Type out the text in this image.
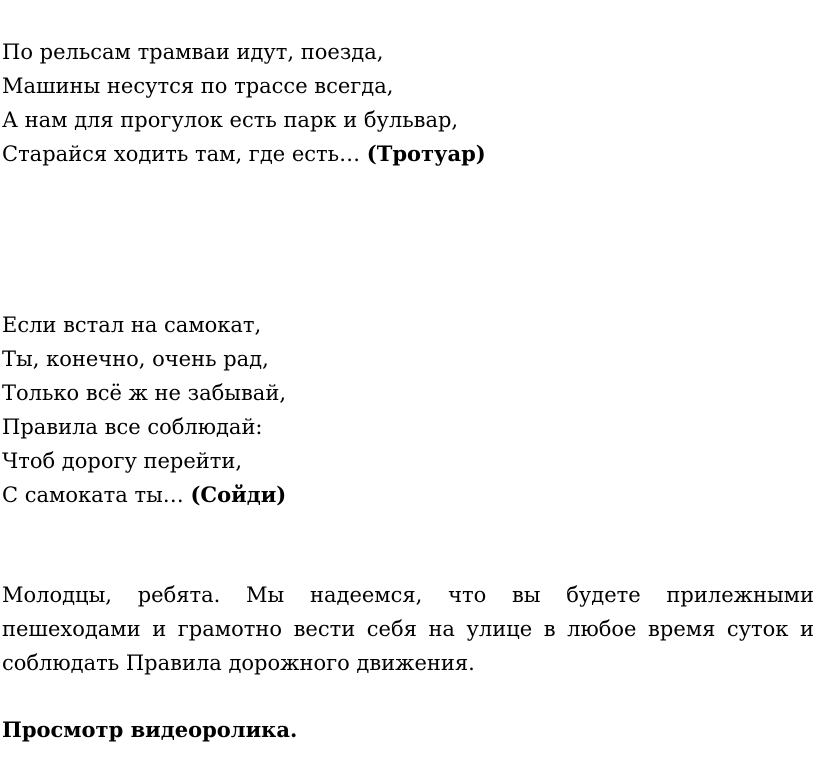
По рельсам трамваи идут, поезда,

Машины несутся по трассе всегда,

А нам для прогулок есть парк и бульвар,

Старайся ходить там, где есть… (Тротуар)

Если встал на самокат,

Ты, конечно, очень рад,

Только всё ж не забывай,

Правила все соблюдай:

Чтоб дорогу перейти,

С самоката ты… (Сойди)

Молодцы, ребята. Мы надеемся, что вы будете прилежными пешеходами и грамотно вести себя на улице в любое время суток и соблюдать Правила дорожного движения.

Просмотр видеоролика.
